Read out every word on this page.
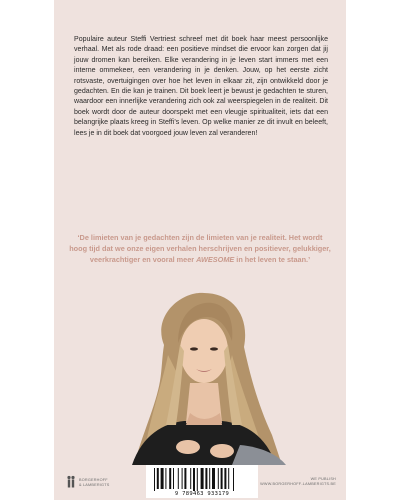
Populaire auteur Steffi Vertriest schreef met dit boek haar meest persoonlijke verhaal. Met als rode draad: een positieve mindset die ervoor kan zorgen dat jij jouw dromen kan bereiken. Elke verandering in je leven start immers met een interne ommekeer, een verandering in je denken. Jouw, op het eerste zicht rotsvaste, overtuigingen over hoe het leven in elkaar zit, zijn ontwikkeld door je gedachten. En die kan je trainen. Dit boek leert je bewust je gedachten te sturen, waardoor een innerlijke verandering zich ook zal weerspiegelen in de realiteit. Dit boek wordt door de auteur doorspekt met een vleugje spiritualiteit, iets dat een belangrijke plaats kreeg in Steffi’s leven. Op welke manier ze dit invult en beleeft, lees je in dit boek dat voorgoed jouw leven zal veranderen!

‘De limieten van je gedachten zijn de limieten van je realiteit. Het wordt hoog tijd dat we onze eigen verhalen herschrijven en positiever, gelukkiger, veerkrachtiger en vooral meer AWESOME in het leven te staan.’

BORGERHOFF
& LAMBERIGTS
9 789463 933179
WE PUBLISH
WWW.BORGERHOFF-LAMBERIGTS.BE
